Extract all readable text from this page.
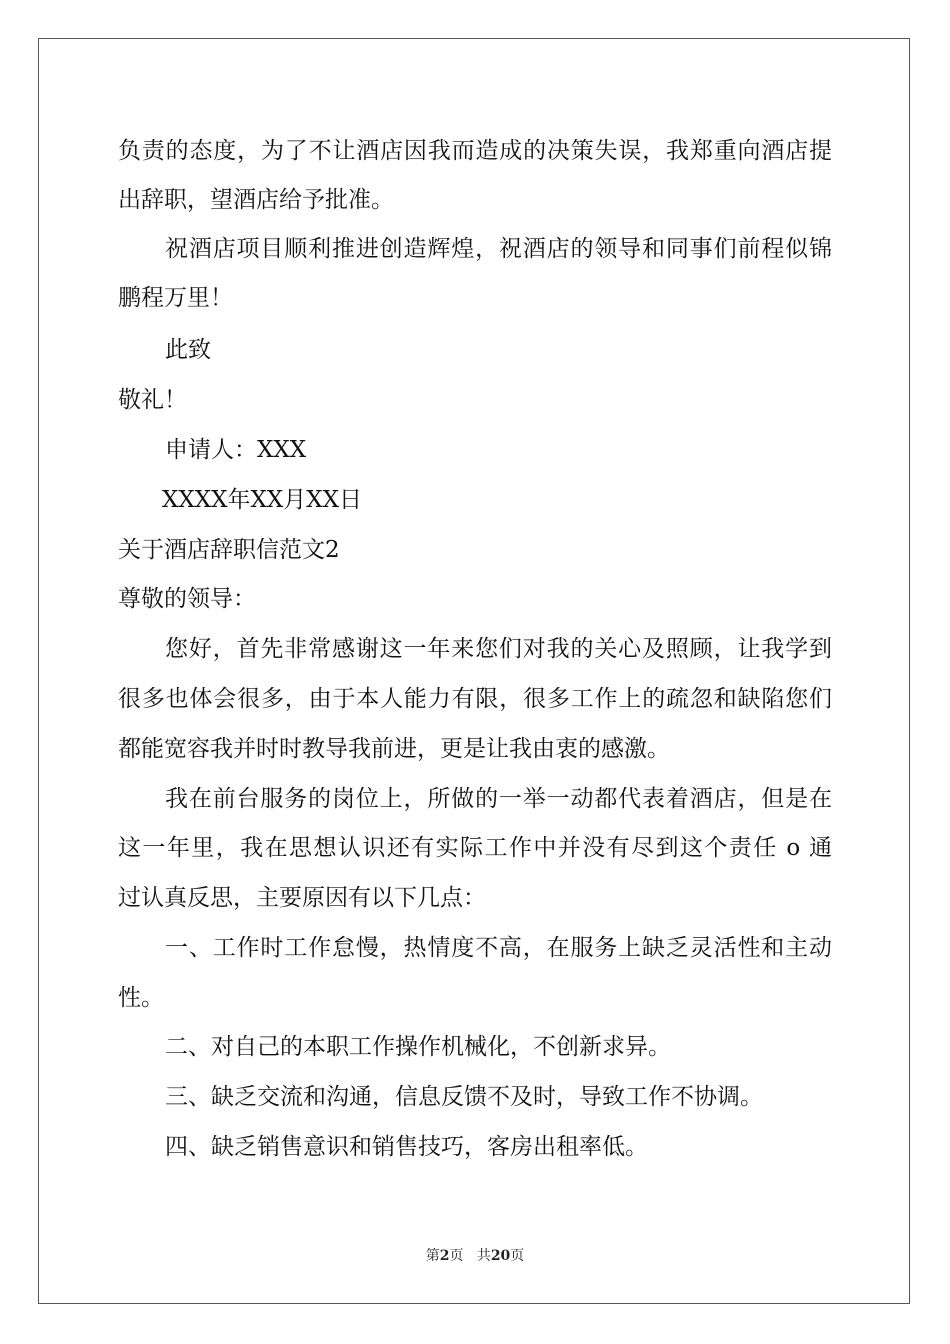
负责的态度，为了不让酒店因我而造成的决策失误，我郑重向酒店提
出辞职，望酒店给予批准。
祝酒店项目顺利推进创造辉煌，祝酒店的领导和同事们前程似锦
鹏程万里！
此致
敬礼！
申请人：XXX
XXXX年XX月XX日
关于酒店辞职信范文2
尊敬的领导：
您好，首先非常感谢这一年来您们对我的关心及照顾，让我学到
很多也体会很多，由于本人能力有限，很多工作上的疏忽和缺陷您们
都能宽容我并时时教导我前进，更是让我由衷的感激。
我在前台服务的岗位上，所做的一举一动都代表着酒店，但是在
这一年里，我在思想认识还有实际工作中并没有尽到这个责任 o 通
过认真反思，主要原因有以下几点：
一、工作时工作怠慢，热情度不高，在服务上缺乏灵活性和主动
性。
二、对自己的本职工作操作机械化，不创新求异。
三、缺乏交流和沟通，信息反馈不及时，导致工作不协调。
四、缺乏销售意识和销售技巧，客房出租率低。
第2页 共20页
